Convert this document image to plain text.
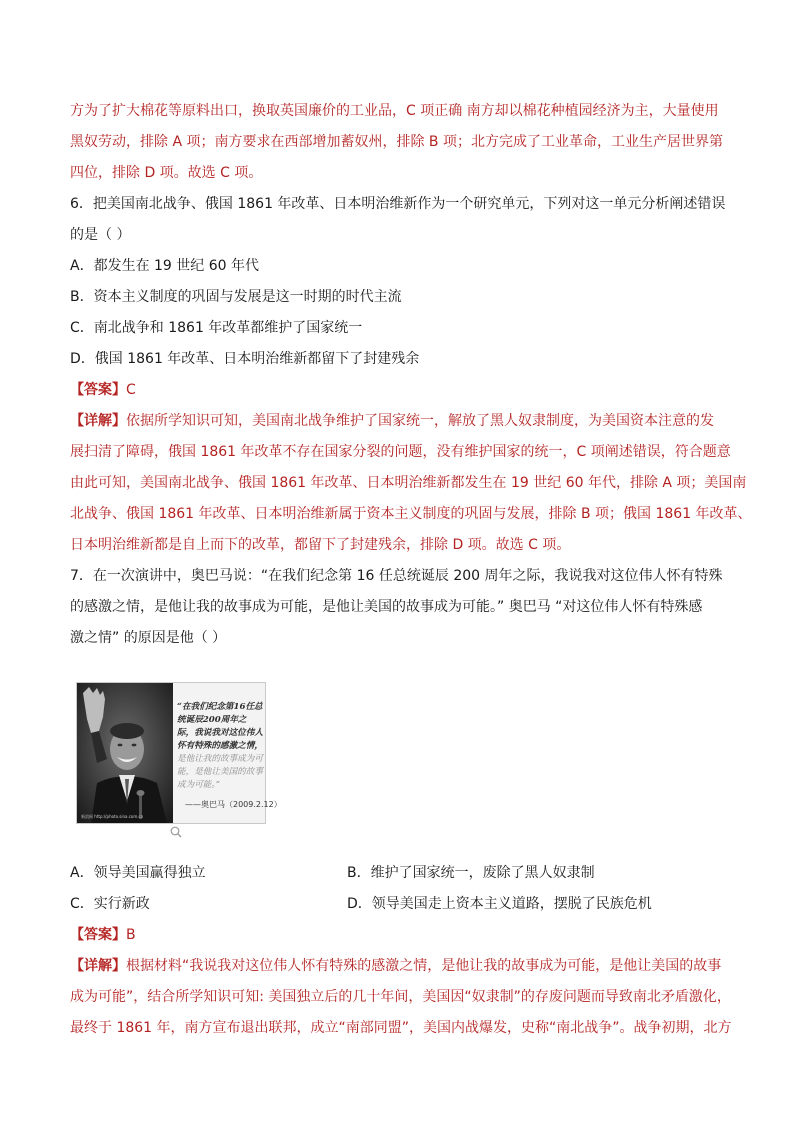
方为了扩大棉花等原料出口，换取英国廉价的工业品，C 项正确 南方却以棉花种植园经济为主，大量使用
黑奴劳动，排除 A 项；南方要求在西部增加蓄奴州，排除 B 项；北方完成了工业革命，工业生产居世界第
四位，排除 D 项。故选 C 项。
6．把美国南北战争、俄国 1861 年改革、日本明治维新作为一个研究单元，下列对这一单元分析阐述错误
的是（ ）
A．都发生在 19 世纪 60 年代
B．资本主义制度的巩固与发展是这一时期的时代主流
C．南北战争和 1861 年改革都维护了国家统一
D．俄国 1861 年改革、日本明治维新都留下了封建残余
【答案】C
【详解】依据所学知识可知，美国南北战争维护了国家统一，解放了黑人奴隶制度，为美国资本注意的发
展扫清了障碍，俄国 1861 年改革不存在国家分裂的问题，没有维护国家的统一，C 项阐述错误，符合题意
由此可知，美国南北战争、俄国 1861 年改革、日本明治维新都发生在 19 世纪 60 年代，排除 A 项；美国南
北战争、俄国 1861 年改革、日本明治维新属于资本主义制度的巩固与发展，排除 B 项；俄国 1861 年改革、
日本明治维新都是自上而下的改革，都留下了封建残余，排除 D 项。故选 C 项。
7．在一次演讲中，奥巴马说：“在我们纪念第 16 任总统诞辰 200 周年之际，我说我对这位伟人怀有特殊
的感激之情，是他让我的故事成为可能，是他让美国的故事成为可能。” 奥巴马 “对这位伟人怀有特殊感
激之情” 的原因是他（ ）
新浪网 http://photo.sina.com.cn
“在我们纪念第16任总统诞辰200周年之际，我说我对这位伟人怀有特殊的感激之情，是他让我的故事成为可能，是他让美国的故事成为可能。”
——奥巴马（2009.2.12）
A．领导美国赢得独立	B．维护了国家统一，废除了黑人奴隶制
C．实行新政	D．领导美国走上资本主义道路，摆脱了民族危机
【答案】B
【详解】根据材料“我说我对这位伟人怀有特殊的感激之情，是他让我的故事成为可能，是他让美国的故事
成为可能”，结合所学知识可知: 美国独立后的几十年间，美国因“奴隶制”的存废问题而导致南北矛盾激化，
最终于 1861 年，南方宣布退出联邦，成立“南部同盟”，美国内战爆发，史称“南北战争”。战争初期，北方
